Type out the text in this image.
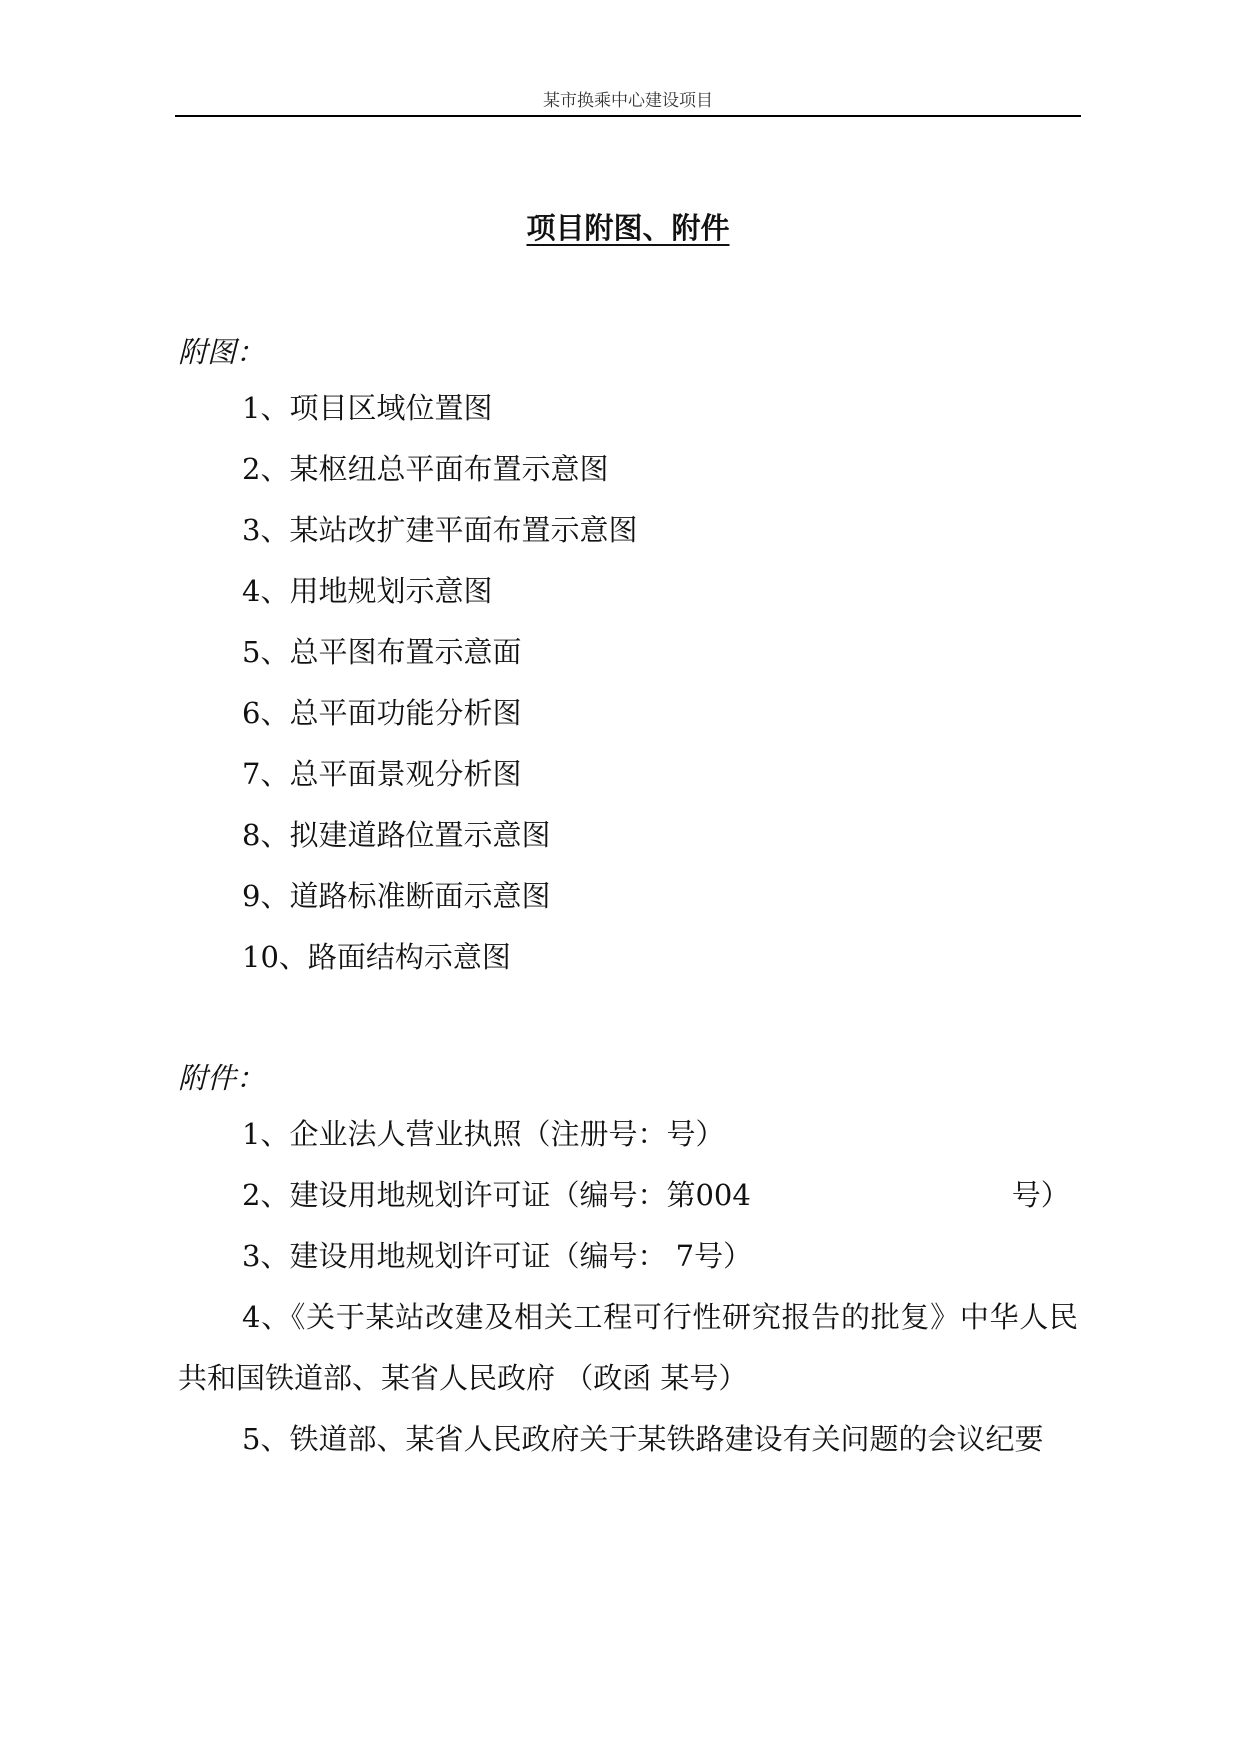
某市换乘中心建设项目
项目附图、附件
附图：
1、项目区域位置图
2、某枢纽总平面布置示意图
3、某站改扩建平面布置示意图
4、用地规划示意图
5、总平图布置示意面
6、总平面功能分析图
7、总平面景观分析图
8、拟建道路位置示意图
9、道路标准断面示意图
10、路面结构示意图
附件：
1、企业法人营业执照（注册号：号）
2、建设用地规划许可证（编号：第004　　　　　　　　　号）
3、建设用地规划许可证（编号： 7号）
4、《关于某站改建及相关工程可行性研究报告的批复》中华人民共和国铁道部、某省人民政府 （政函 某号）
5、铁道部、某省人民政府关于某铁路建设有关问题的会议纪要
